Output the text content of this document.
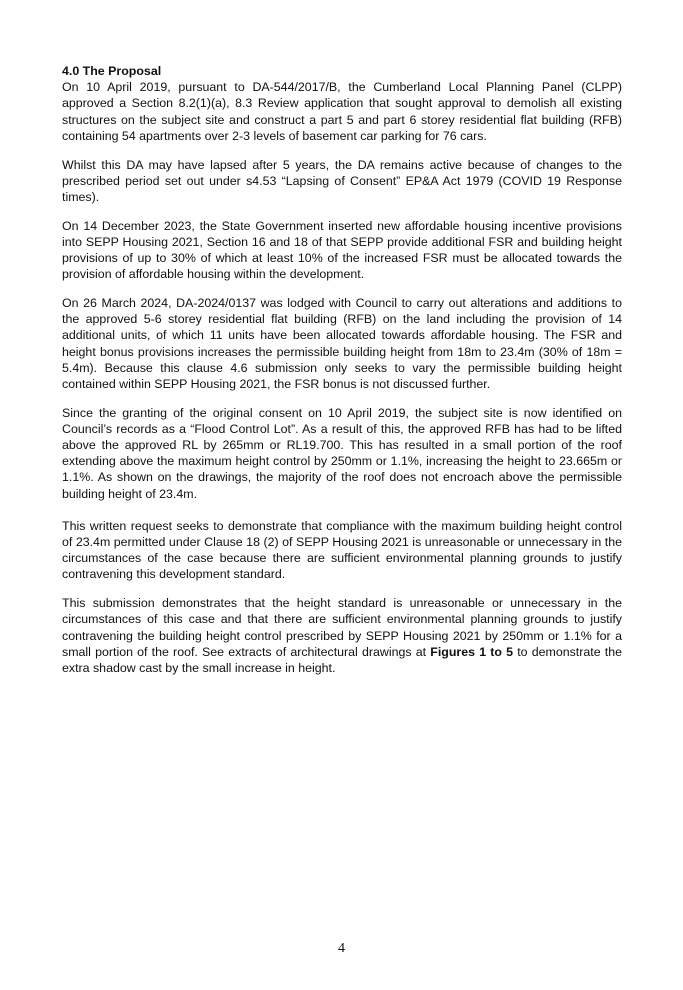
4.0 The Proposal

On 10 April 2019, pursuant to DA-544/2017/B, the Cumberland Local Planning Panel (CLPP) approved a Section 8.2(1)(a), 8.3 Review application that sought approval to demolish all existing structures on the subject site and construct a part 5 and part 6 storey residential flat building (RFB) containing 54 apartments over 2-3 levels of basement car parking for 76 cars.

Whilst this DA may have lapsed after 5 years, the DA remains active because of changes to the prescribed period set out under s4.53 “Lapsing of Consent” EP&A Act 1979 (COVID 19 Response times).

On 14 December 2023, the State Government inserted new affordable housing incentive provisions into SEPP Housing 2021, Section 16 and 18 of that SEPP provide additional FSR and building height provisions of up to 30% of which at least 10% of the increased FSR must be allocated towards the provision of affordable housing within the development.

On 26 March 2024, DA-2024/0137 was lodged with Council to carry out alterations and additions to the approved 5-6 storey residential flat building (RFB) on the land including the provision of 14 additional units, of which 11 units have been allocated towards affordable housing. The FSR and height bonus provisions increases the permissible building height from 18m to 23.4m (30% of 18m = 5.4m). Because this clause 4.6 submission only seeks to vary the permissible building height contained within SEPP Housing 2021, the FSR bonus is not discussed further.

Since the granting of the original consent on 10 April 2019, the subject site is now identified on Council’s records as a “Flood Control Lot”. As a result of this, the approved RFB has had to be lifted above the approved RL by 265mm or RL19.700. This has resulted in a small portion of the roof extending above the maximum height control by 250mm or 1.1%, increasing the height to 23.665m or 1.1%. As shown on the drawings, the majority of the roof does not encroach above the permissible building height of 23.4m.

This written request seeks to demonstrate that compliance with the maximum building height control of 23.4m permitted under Clause 18 (2) of SEPP Housing 2021 is unreasonable or unnecessary in the circumstances of the case because there are sufficient environmental planning grounds to justify contravening this development standard.

This submission demonstrates that the height standard is unreasonable or unnecessary in the circumstances of this case and that there are sufficient environmental planning grounds to justify contravening the building height control prescribed by SEPP Housing 2021 by 250mm or 1.1% for a small portion of the roof. See extracts of architectural drawings at Figures 1 to 5 to demonstrate the extra shadow cast by the small increase in height.

4
